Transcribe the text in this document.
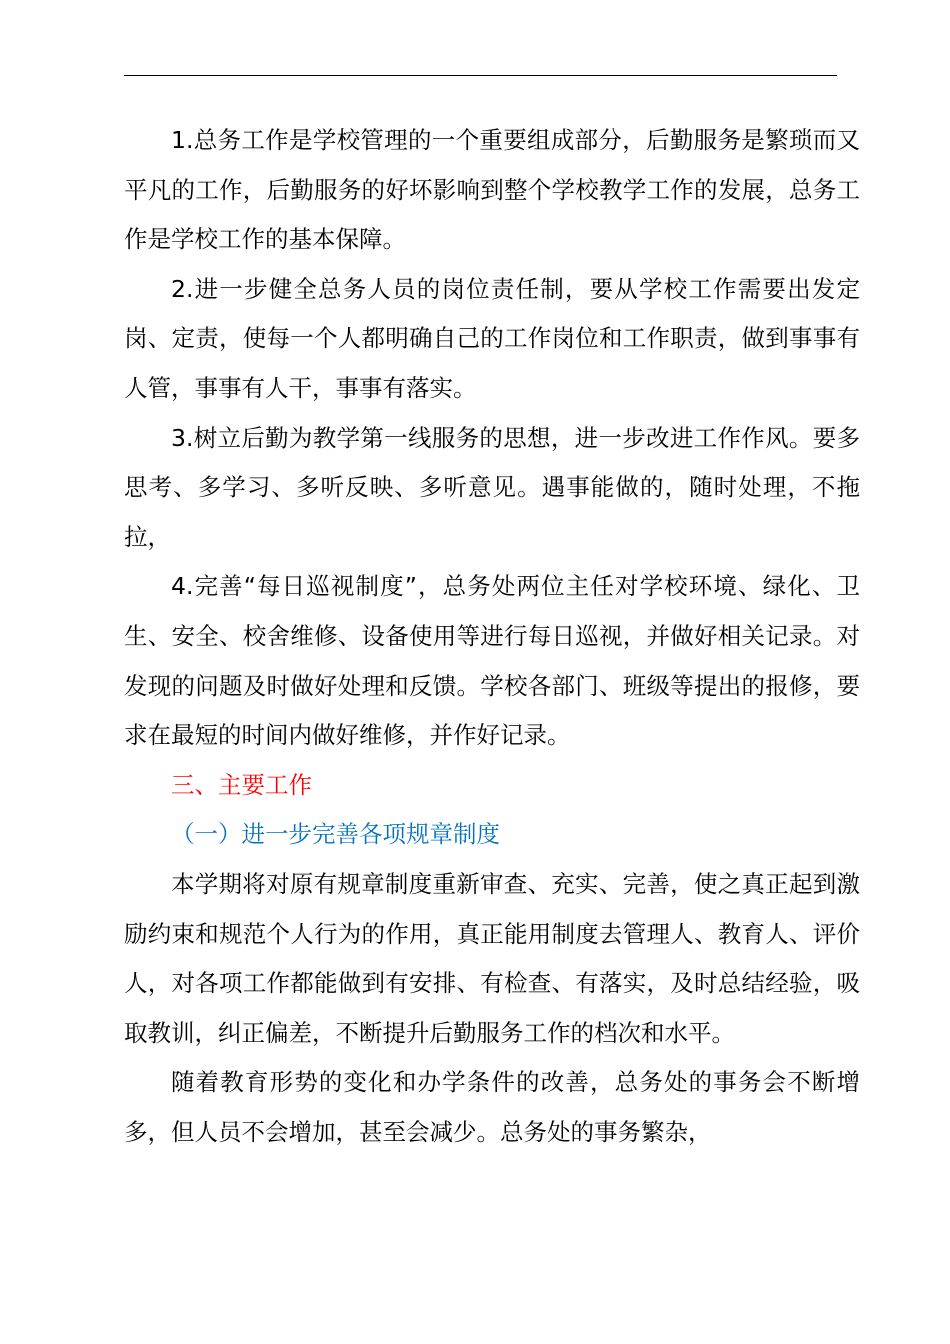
1.总务工作是学校管理的一个重要组成部分，后勤服务是繁琐而又平凡的工作，后勤服务的好坏影响到整个学校教学工作的发展，总务工作是学校工作的基本保障。

2.进一步健全总务人员的岗位责任制，要从学校工作需要出发定岗、定责，使每一个人都明确自己的工作岗位和工作职责，做到事事有人管，事事有人干，事事有落实。

3.树立后勤为教学第一线服务的思想，进一步改进工作作风。要多思考、多学习、多听反映、多听意见。遇事能做的，随时处理，不拖拉，

4.完善“每日巡视制度”，总务处两位主任对学校环境、绿化、卫生、安全、校舍维修、设备使用等进行每日巡视，并做好相关记录。对发现的问题及时做好处理和反馈。学校各部门、班级等提出的报修，要求在最短的时间内做好维修，并作好记录。

三、主要工作

（一）进一步完善各项规章制度

本学期将对原有规章制度重新审查、充实、完善，使之真正起到激励约束和规范个人行为的作用，真正能用制度去管理人、教育人、评价人，对各项工作都能做到有安排、有检查、有落实，及时总结经验，吸取教训，纠正偏差，不断提升后勤服务工作的档次和水平。

随着教育形势的变化和办学条件的改善，总务处的事务会不断增多，但人员不会增加，甚至会减少。总务处的事务繁杂，
